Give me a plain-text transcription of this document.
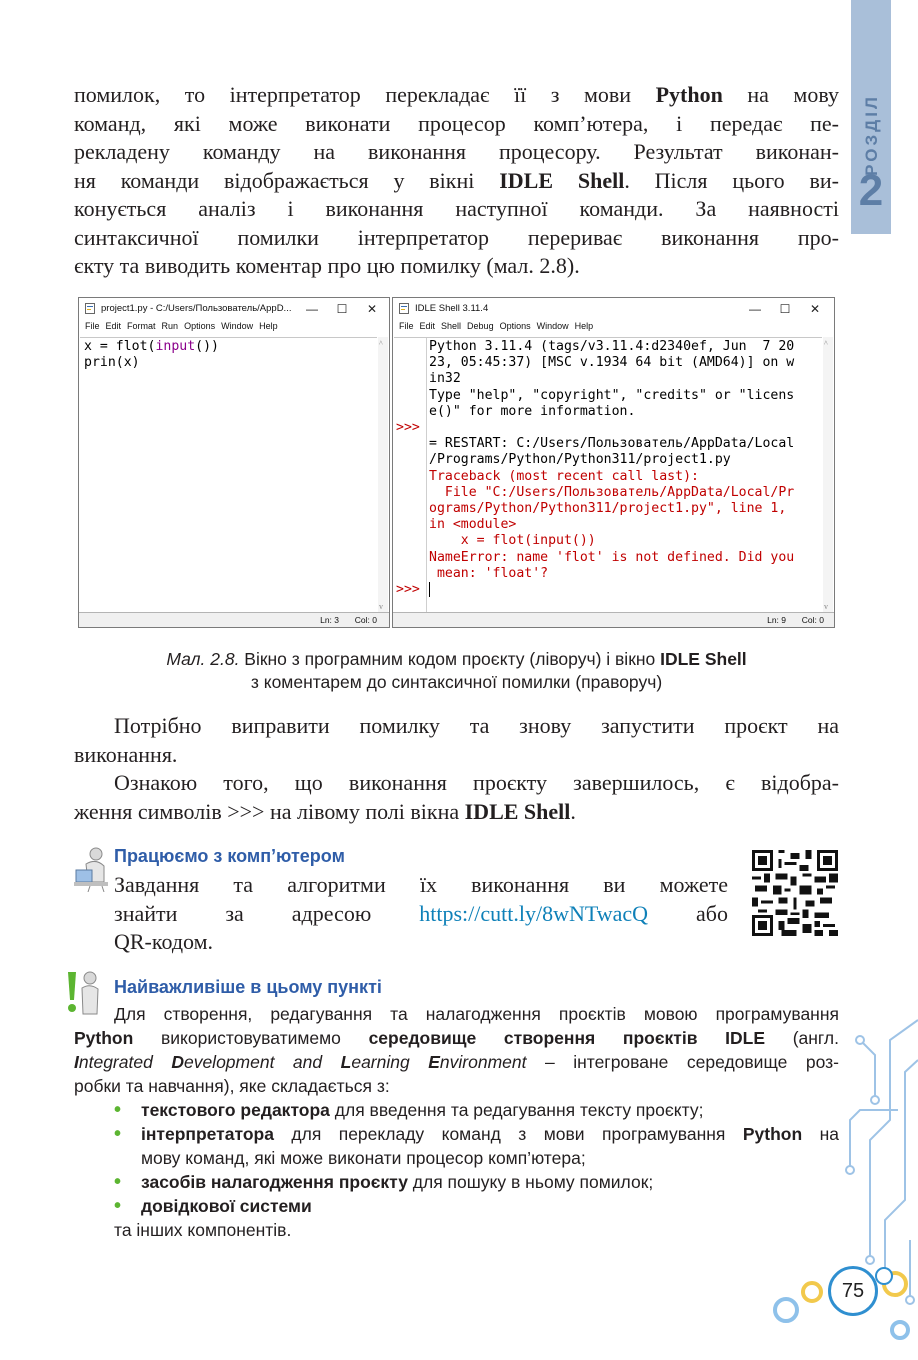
РОЗДІЛ
2
помилок, то інтерпретатор перекладає її з мови Python на мову
команд, які може виконати процесор комп’ютера, і передає пе-
рекладену команду на виконання процесору. Результат виконан-
ня команди відображається у вікні IDLE Shell. Після цього ви-
конується аналіз і виконання наступної команди. За наявності
синтаксичної помилки інтерпретатор перериває виконання про-
єкту та виводить коментар про цю помилку (мал. 2.8).
project1.py - C:/Users/Пользователь/AppD...	—	☐	✕
File Edit Format Run Options Window Help
x = flot(input())
prin(x)
^
v
Ln: 3 Col: 0
IDLE Shell 3.11.4	—	☐	✕
File Edit Shell Debug Options Window Help
>>>
>>>
Python 3.11.4 (tags/v3.11.4:d2340ef, Jun  7 20
23, 05:45:37) [MSC v.1934 64 bit (AMD64)] on w
in32
Type "help", "copyright", "credits" or "licens
e()" for more information.

= RESTART: C:/Users/Пользователь/AppData/Local
/Programs/Python/Python311/project1.py
Traceback (most recent call last):
File "C:/Users/Пользователь/AppData/Local/Pr
ograms/Python/Python311/project1.py", line 1,
in <module>
x = flot(input())
NameError: name 'flot' is not defined. Did you
mean: 'float'?
^
v
Ln: 9 Col: 0

Мал. 2.8. Вікно з програмним кодом проєкту (ліворуч) і вікно IDLE Shell

з коментарем до синтаксичної помилки (праворуч)

Потрібно виправити помилку та знову запустити проєкт на
виконання.
Ознакою того, що виконання проєкту завершилось, є відобра-
ження символів >>> на лівому полі вікна IDLE Shell.
Працюємо з комп’ютером
Завдання та алгоритми їх виконання ви можете
знайти за адресою https://cutt.ly/8wNTwacQ або
QR-кодом.
Найважливіше в цьому пункті
Для створення, редагування та налагодження проєктів мовою програмування
Python використовуватимемо середовище створення проєктів IDLE (англ.
Integrated Development and Learning Environment – інтегроване середовище роз-
робки та навчання), яке складається з:
• текстового редактора для введення та редагування тексту проєкту;
• інтерпретатора для перекладу команд з мови програмування Python на
мову команд, які може виконати процесор комп’ютера;
• засобів налагодження проєкту для пошуку в ньому помилок;
• довідкової системи
та інших компонентів.
75
